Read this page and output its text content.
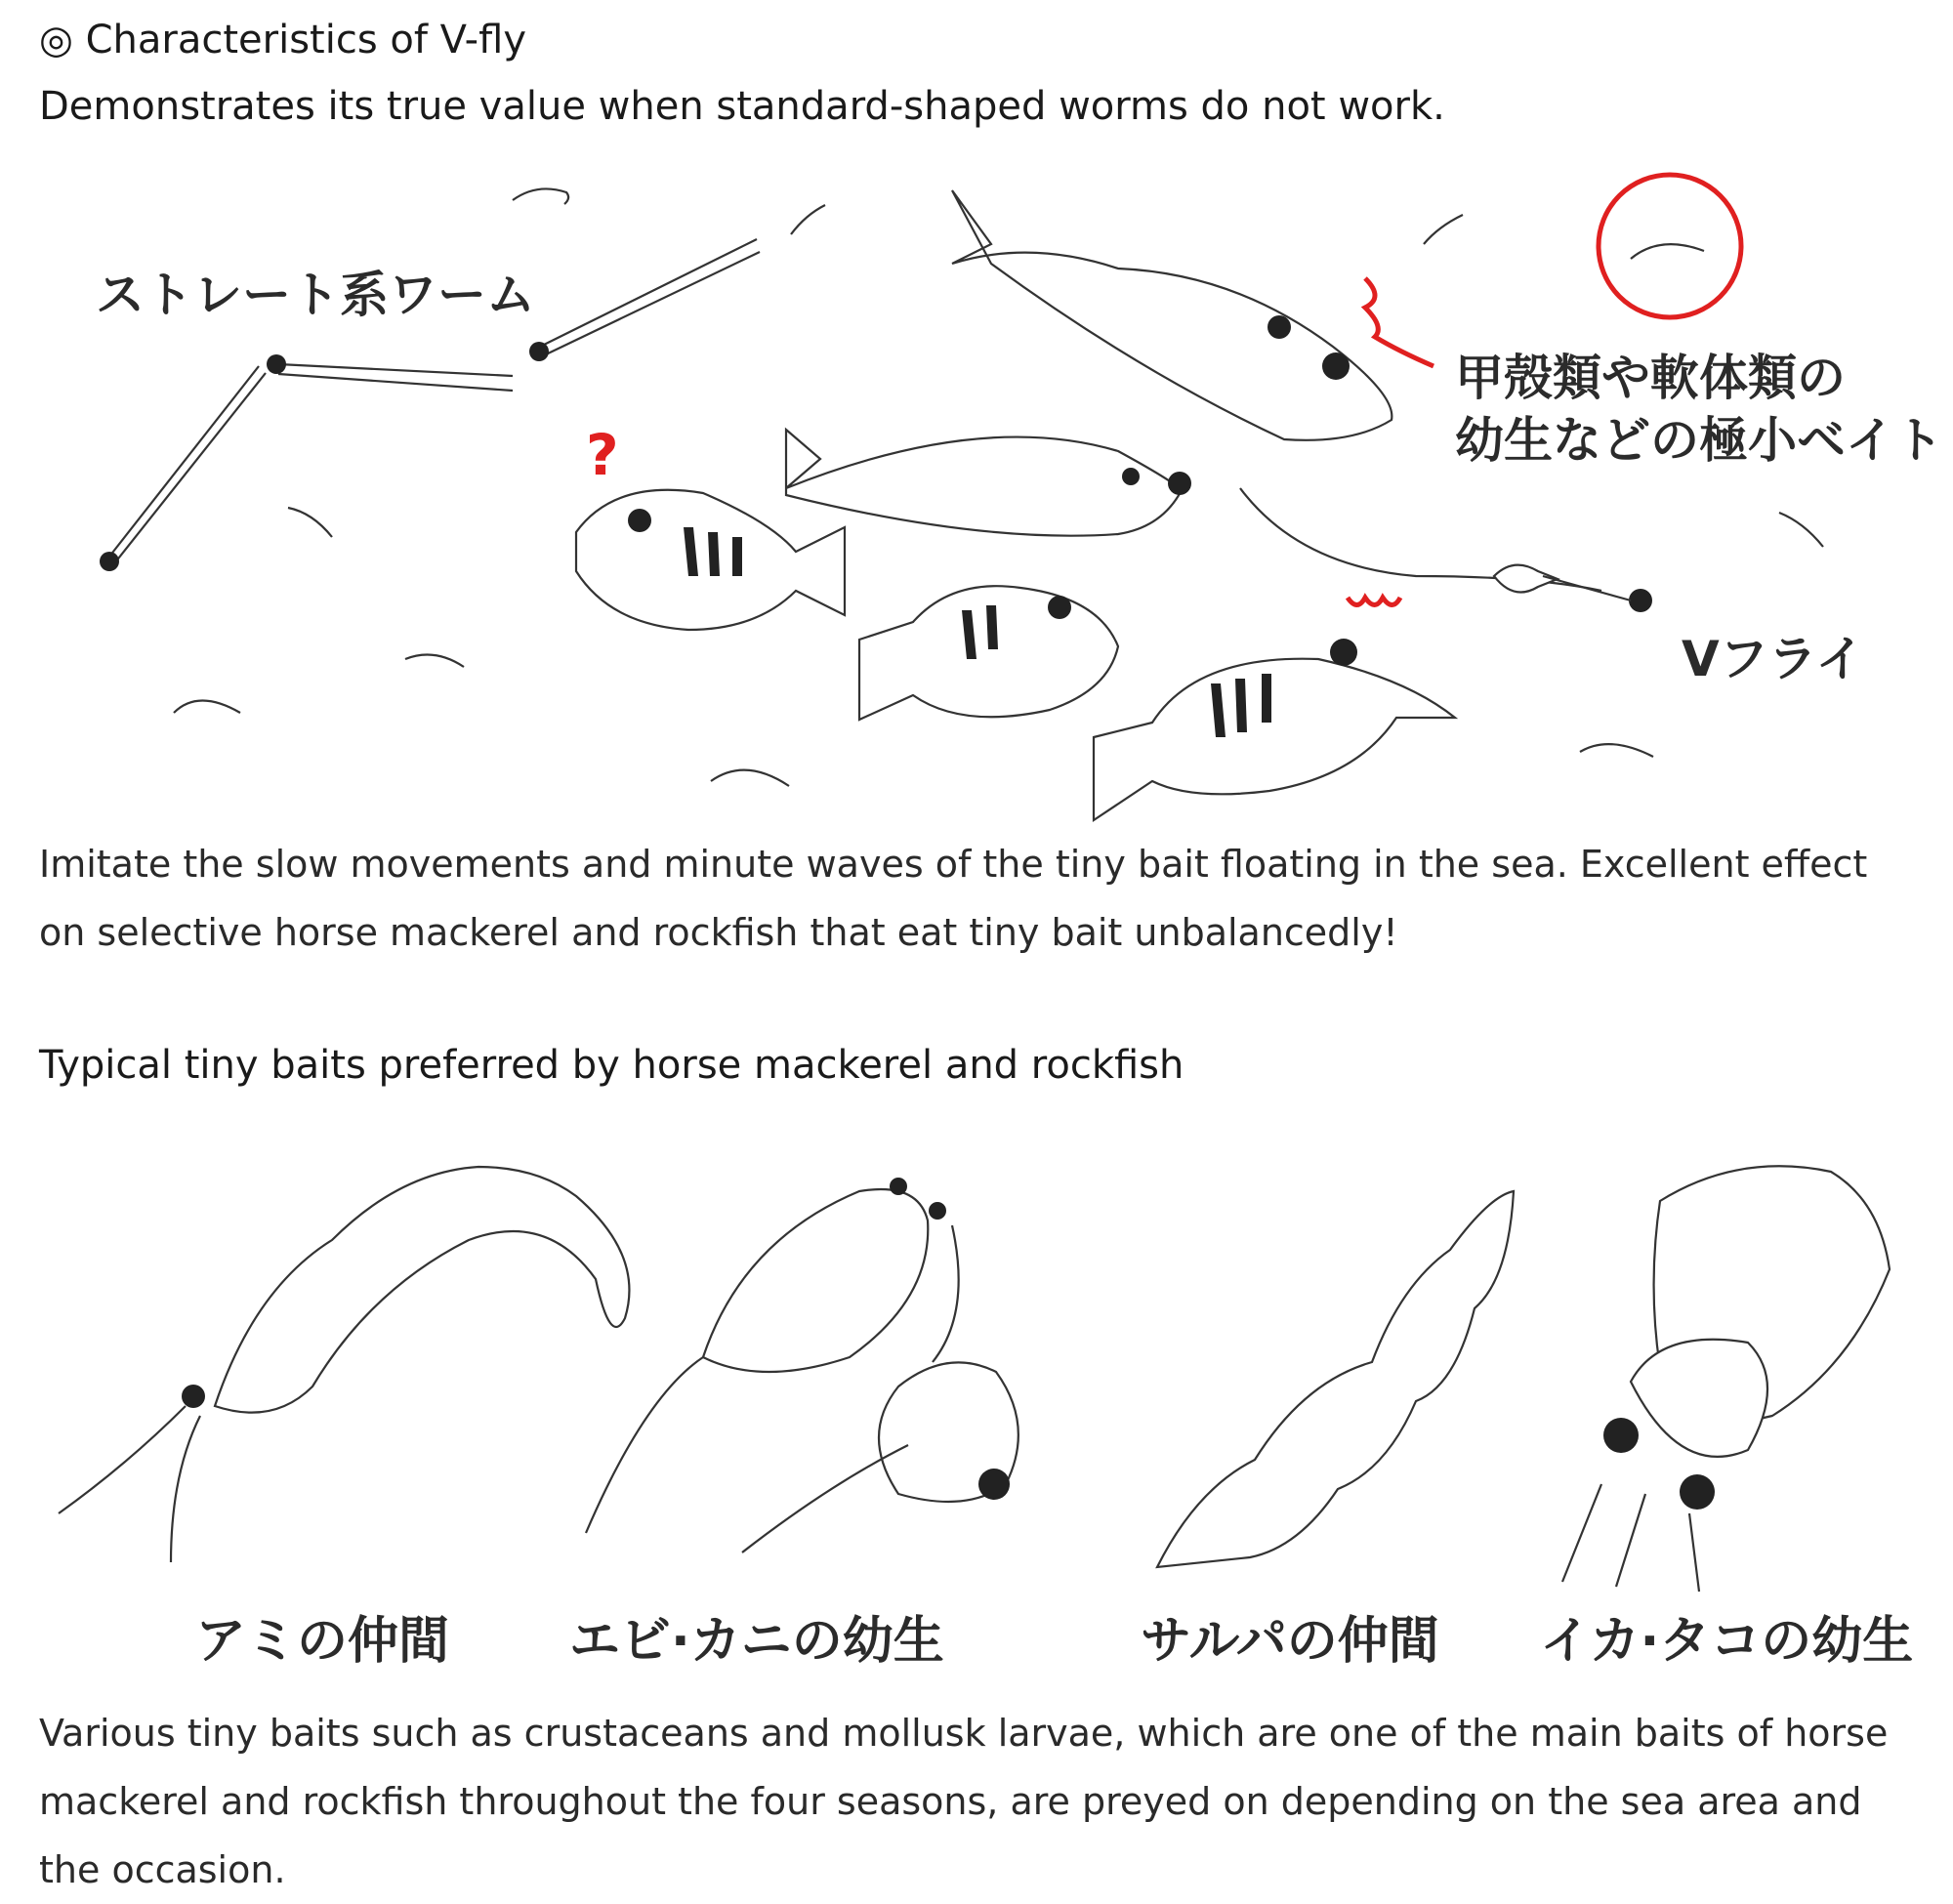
◎ Characteristics of V-fly
Demonstrates its true value when standard-shaped worms do not work.
ストレート系ワーム
甲殻類や軟体類の
幼生などの極小ベイト
Vフライ
?
Imitate the slow movements and minute waves of the tiny bait floating in the sea. Excellent effect on selective horse mackerel and rockfish that eat tiny bait unbalancedly!
Typical tiny baits preferred by horse mackerel and rockfish
アミの仲間 エビ·カニの幼生	サルパの仲間 イカ·タコの幼生
Various tiny baits such as crustaceans and mollusk larvae, which are one of the main baits of horse mackerel and rockfish throughout the four seasons, are preyed on depending on the sea area and the occasion.
